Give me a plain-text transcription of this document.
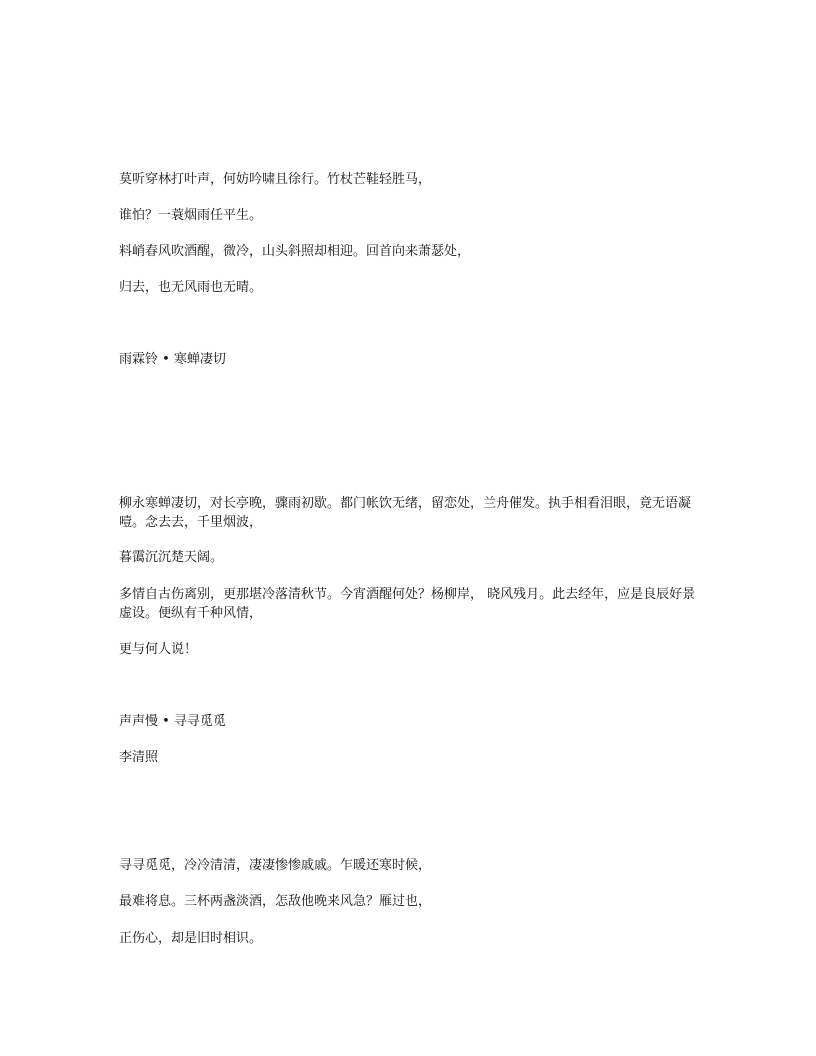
莫听穿林打叶声，何妨吟啸且徐行。竹杖芒鞋轻胜马，
谁怕？一蓑烟雨任平生。
料峭春风吹酒醒，微冷，山头斜照却相迎。回首向来萧瑟处，
归去，也无风雨也无晴。
雨霖铃 • 寒蝉凄切
柳永寒蝉凄切，对长亭晚，骤雨初歇。都门帐饮无绪，留恋处，兰舟催发。执手相看泪眼，竟无语凝噎。念去去，千里烟波，
暮霭沉沉楚天阔。
多情自古伤离别，更那堪冷落清秋节。今宵酒醒何处？杨柳岸， 晓风残月。此去经年，应是良辰好景虚设。便纵有千种风情，
更与何人说！
声声慢 • 寻寻觅觅
李清照
寻寻觅觅，冷冷清清，凄凄惨惨戚戚。乍暖还寒时候，
最难将息。三杯两盏淡酒，怎敌他晚来风急？雁过也，
正伤心，却是旧时相识。
